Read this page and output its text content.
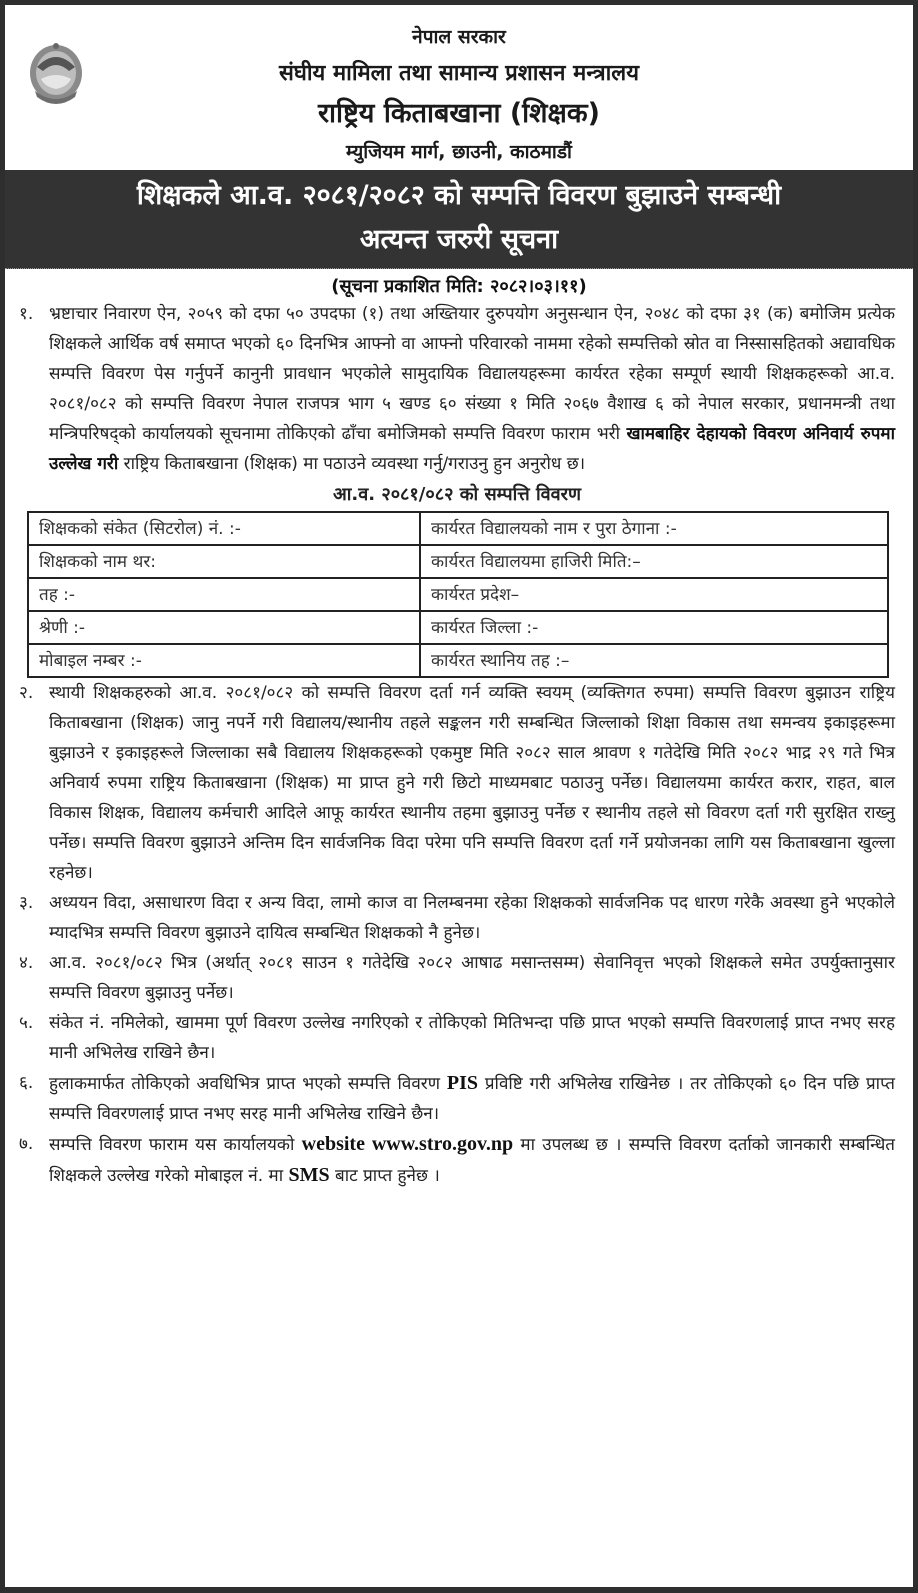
नेपाल सरकार
संघीय मामिला तथा सामान्य प्रशासन मन्त्रालय
राष्ट्रिय किताबखाना (शिक्षक)
म्युजियम मार्ग, छाउनी, काठमाडौं
शिक्षकले आ.व. २०८१/२०८२ को सम्पत्ति विवरण बुझाउने सम्बन्धी
अत्यन्त जरुरी सूचना
(सूचना प्रकाशित मिति: २०८२।०३।११)
१. भ्रष्टाचार निवारण ऐन, २०५९ को दफा ५० उपदफा (१) तथा अख्तियार दुरुपयोग अनुसन्धान ऐन, २०४८ को दफा ३१ (क) बमोजिम प्रत्येक शिक्षकले आर्थिक वर्ष समाप्त भएको ६० दिनभित्र आफ्नो वा आफ्नो परिवारको नाममा रहेको सम्पत्तिको स्रोत वा निस्सासहितको अद्यावधिक सम्पत्ति विवरण पेस गर्नुपर्ने कानुनी प्रावधान भएकोले सामुदायिक विद्यालयहरूमा कार्यरत रहेका सम्पूर्ण स्थायी शिक्षकहरूको आ.व. २०८१/०८२ को सम्पत्ति विवरण नेपाल राजपत्र भाग ५ खण्ड ६० संख्या १ मिति २०६७ वैशाख ६ को नेपाल सरकार, प्रधानमन्त्री तथा मन्त्रिपरिषद्को कार्यालयको सूचनामा तोकिएको ढाँचा बमोजिमको सम्पत्ति विवरण फाराम भरी खामबाहिर देहायको विवरण अनिवार्य रुपमा उल्लेख गरी राष्ट्रिय किताबखाना (शिक्षक) मा पठाउने व्यवस्था गर्नु/गराउनु हुन अनुरोध छ।
आ.व. २०८१/०८२ को सम्पत्ति विवरण
शिक्षकको संकेत (सिटरोल) नं. :-	कार्यरत विद्यालयको नाम र पुरा ठेगाना :-
शिक्षकको नाम थर:	कार्यरत विद्यालयमा हाजिरी मिति:–
तह :-	कार्यरत प्रदेश–
श्रेणी :-	कार्यरत जिल्ला :-
मोबाइल नम्बर :-	कार्यरत स्थानिय तह :–
२. स्थायी शिक्षकहरुको आ.व. २०८१/०८२ को सम्पत्ति विवरण दर्ता गर्न व्यक्ति स्वयम् (व्यक्तिगत रुपमा) सम्पत्ति विवरण बुझाउन राष्ट्रिय किताबखाना (शिक्षक) जानु नपर्ने गरी विद्यालय/स्थानीय तहले सङ्कलन गरी सम्बन्धित जिल्लाको शिक्षा विकास तथा समन्वय इकाइहरूमा बुझाउने र इकाइहरूले जिल्लाका सबै विद्यालय शिक्षकहरूको एकमुष्ट मिति २०८२ साल श्रावण १ गतेदेखि मिति २०८२ भाद्र २९ गते भित्र अनिवार्य रुपमा राष्ट्रिय किताबखाना (शिक्षक) मा प्राप्त हुने गरी छिटो माध्यमबाट पठाउनु पर्नेछ। विद्यालयमा कार्यरत करार, राहत, बाल विकास शिक्षक, विद्यालय कर्मचारी आदिले आफू कार्यरत स्थानीय तहमा बुझाउनु पर्नेछ र स्थानीय तहले सो विवरण दर्ता गरी सुरक्षित राख्नु पर्नेछ। सम्पत्ति विवरण बुझाउने अन्तिम दिन सार्वजनिक विदा परेमा पनि सम्पत्ति विवरण दर्ता गर्ने प्रयोजनका लागि यस किताबखाना खुल्ला रहनेछ।
३. अध्ययन विदा, असाधारण विदा र अन्य विदा, लामो काज वा निलम्बनमा रहेका शिक्षकको सार्वजनिक पद धारण गरेकै अवस्था हुने भएकोले म्यादभित्र सम्पत्ति विवरण बुझाउने दायित्व सम्बन्धित शिक्षकको नै हुनेछ।
४. आ.व. २०८१/०८२ भित्र (अर्थात् २०८१ साउन १ गतेदेखि २०८२ आषाढ मसान्तसम्म) सेवानिवृत्त भएको शिक्षकले समेत उपर्युक्तानुसार सम्पत्ति विवरण बुझाउनु पर्नेछ।
५. संकेत नं. नमिलेको, खाममा पूर्ण विवरण उल्लेख नगरिएको र तोकिएको मितिभन्दा पछि प्राप्त भएको सम्पत्ति विवरणलाई प्राप्त नभए सरह मानी अभिलेख राखिने छैन।
६. हुलाकमार्फत तोकिएको अवधिभित्र प्राप्त भएको सम्पत्ति विवरण PIS प्रविष्टि गरी अभिलेख राखिनेछ । तर तोकिएको ६० दिन पछि प्राप्त सम्पत्ति विवरणलाई प्राप्त नभए सरह मानी अभिलेख राखिने छैन।
७. सम्पत्ति विवरण फाराम यस कार्यालयको website www.stro.gov.np मा उपलब्ध छ । सम्पत्ति विवरण दर्ताको जानकारी सम्बन्धित शिक्षकले उल्लेख गरेको मोबाइल नं. मा SMS बाट प्राप्त हुनेछ ।
